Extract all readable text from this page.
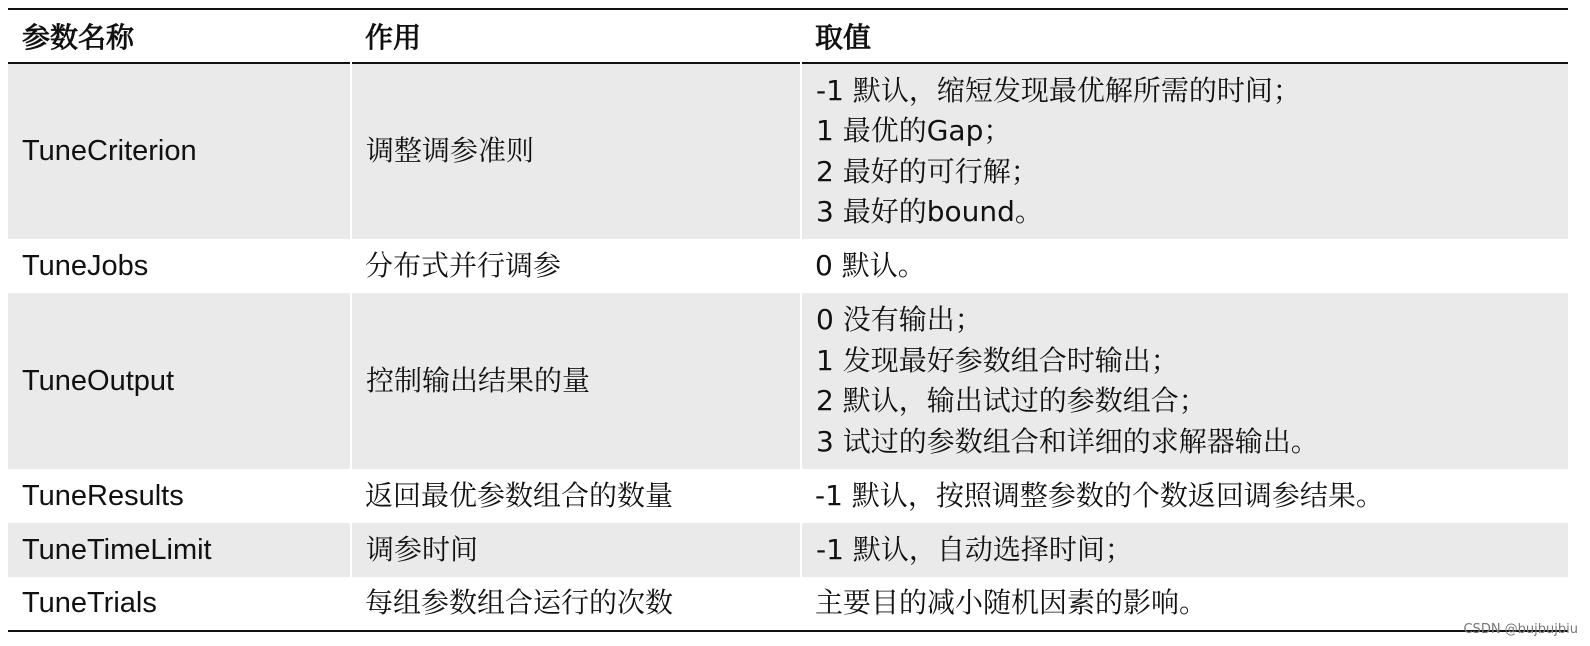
参数名称	作用	取值
TuneCriterion	调整调参准则	-1 默认，缩短发现最优解所需的时间；
1 最优的Gap；
2 最好的可行解；
3 最好的bound。

TuneJobs	分布式并行调参	0 默认。

TuneOutput	控制输出结果的量	0 没有输出；
1 发现最好参数组合时输出；
2 默认，输出试过的参数组合；
3 试过的参数组合和详细的求解器输出。

TuneResults	返回最优参数组合的数量	-1 默认，按照调整参数的个数返回调参结果。

TuneTimeLimit	调参时间	-1 默认，自动选择时间；

TuneTrials	每组参数组合运行的次数	主要目的减小随机因素的影响。
CSDN @bujbujbiu
